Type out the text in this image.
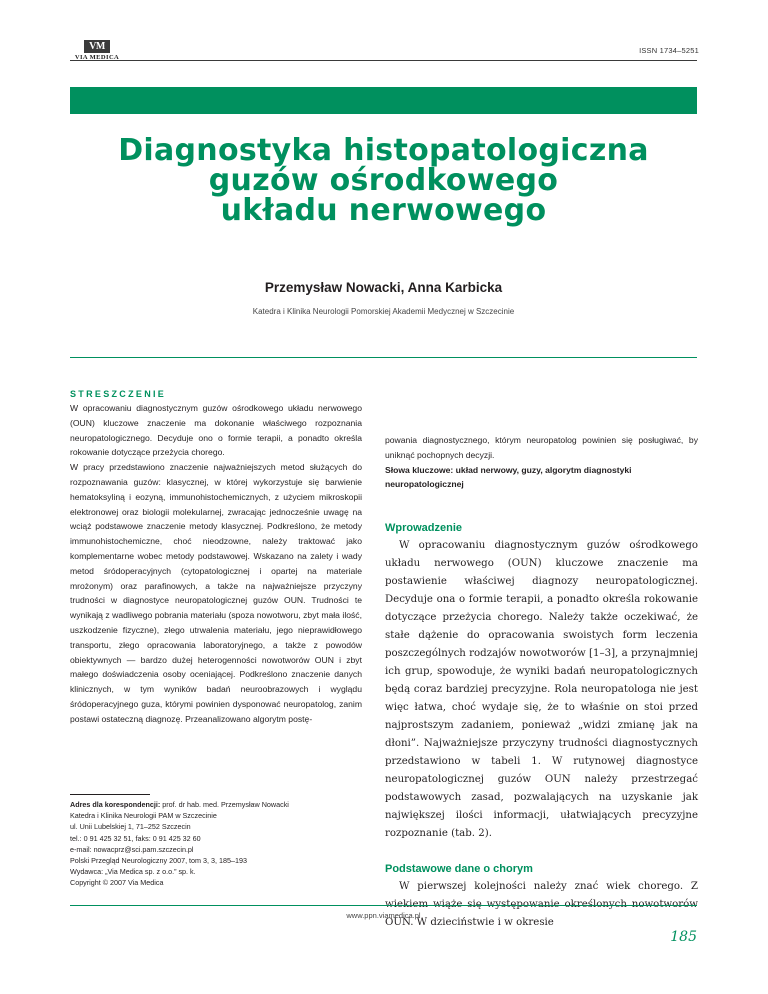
VM
VIA MEDICA
ISSN 1734–5251
Diagnostyka histopatologiczna
guzów ośrodkowego
układu nerwowego
Przemysław Nowacki, Anna Karbicka
Katedra i Klinika Neurologii Pomorskiej Akademii Medycznej w Szczecinie
STRESZCZENIE

W opracowaniu diagnostycznym guzów ośrodkowego układu nerwowego (OUN) kluczowe znaczenie ma dokonanie właściwego rozpoznania neuropatologicznego. Decyduje ono o formie terapii, a ponadto określa rokowanie dotyczące przeżycia chorego.

W pracy przedstawiono znaczenie najważniejszych metod służących do rozpoznawania guzów: klasycznej, w której wykorzystuje się barwienie hematoksyliną i eozyną, immunohistochemicznych, z użyciem mikroskopii elektronowej oraz biologii molekularnej, zwracając jednocześnie uwagę na wciąż podstawowe znaczenie metody klasycznej. Podkreślono, że metody immunohistochemiczne, choć nieodzowne, należy traktować jako komplementarne wobec metody podstawowej. Wskazano na zalety i wady metod śródoperacyjnych (cytopatologicznej i opartej na materiale mrożonym) oraz parafinowych, a także na najważniejsze przyczyny trudności w diagnostyce neuropatologicznej guzów OUN. Trudności te wynikają z wadliwego pobrania materiału (spoza nowotworu, zbyt mała ilość, uszkodzenie fizyczne), złego utrwalenia materiału, jego nieprawidłowego transportu, złego opracowania laboratoryjnego, a także z powodów obiektywnych — bardzo dużej heterogenności nowotworów OUN i zbyt małego doświadczenia osoby oceniającej. Podkreślono znaczenie danych klinicznych, w tym wyników badań neuroobrazowych i wyglądu śródoperacyjnego guza, którymi powinien dysponować neuropatolog, zanim postawi ostateczną diagnozę. Przeanalizowano algorytm postę-

Adres dla korespondencji: prof. dr hab. med. Przemysław Nowacki
Katedra i Klinika Neurologii PAM w Szczecinie
ul. Unii Lubelskiej 1, 71–252 Szczecin
tel.: 0 91 425 32 51, faks: 0 91 425 32 60
e-mail: nowacprz@sci.pam.szczecin.pl
Polski Przegląd Neurologiczny 2007, tom 3, 3, 185–193
Wydawca: „Via Medica sp. z o.o.” sp. k.
Copyright © 2007 Via Medica

powania diagnostycznego, którym neuropatolog powinien się posługiwać, by uniknąć pochopnych decyzji.

Słowa kluczowe: układ nerwowy, guzy, algorytm diagnostyki neuropatologicznej
Wprowadzenie

W opracowaniu diagnostycznym guzów ośrodkowego układu nerwowego (OUN) kluczowe znaczenie ma postawienie właściwej diagnozy neuropatologicznej. Decyduje ona o formie terapii, a ponadto określa rokowanie dotyczące przeżycia chorego. Należy także oczekiwać, że stałe dążenie do opracowania swoistych form leczenia poszczególnych rodzajów nowotworów [1–3], a przynajmniej ich grup, spowoduje, że wyniki badań neuropatologicznych będą coraz bardziej precyzyjne. Rola neuropatologa nie jest więc łatwa, choć wydaje się, że to właśnie on stoi przed najprostszym zadaniem, ponieważ „widzi zmianę jak na dłoni”. Najważniejsze przyczyny trudności diagnostycznych przedstawiono w tabeli 1. W rutynowej diagnostyce neuropatologicznej guzów OUN należy przestrzegać podstawowych zasad, pozwalających na uzyskanie jak największej ilości informacji, ułatwiających precyzyjne rozpoznanie (tab. 2).

Podstawowe dane o chorym

W pierwszej kolejności należy znać wiek chorego. Z wiekiem wiąże się występowanie określonych nowotworów OUN. W dzieciństwie i w okresie

www.ppn.viamedica.pl
185
